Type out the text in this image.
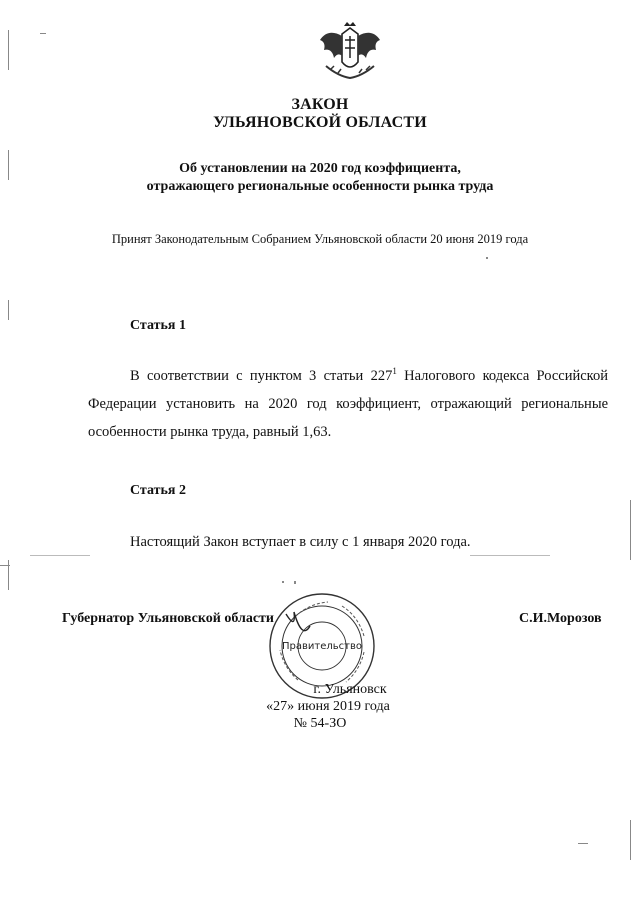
ЗАКОН
УЛЬЯНОВСКОЙ ОБЛАСТИ
Об установлении на 2020 год коэффициента,
отражающего региональные особенности рынка труда
Принят Законодательным Собранием Ульяновской области 20 июня 2019 года
Статья 1
В соответствии с пунктом 3 статьи $227^1$ Налогового кодекса Российской Федерации установить на 2020 год коэффициент, отражающий региональные особенности рынка труда, равный 1,63.
Статья 2
Настоящий Закон вступает в силу с 1 января 2020 года.
Губернатор Ульяновской области	С.И.Морозов
Правительство
г. Ульяновск
«27» июня 2019 года
№ 54-ЗО
